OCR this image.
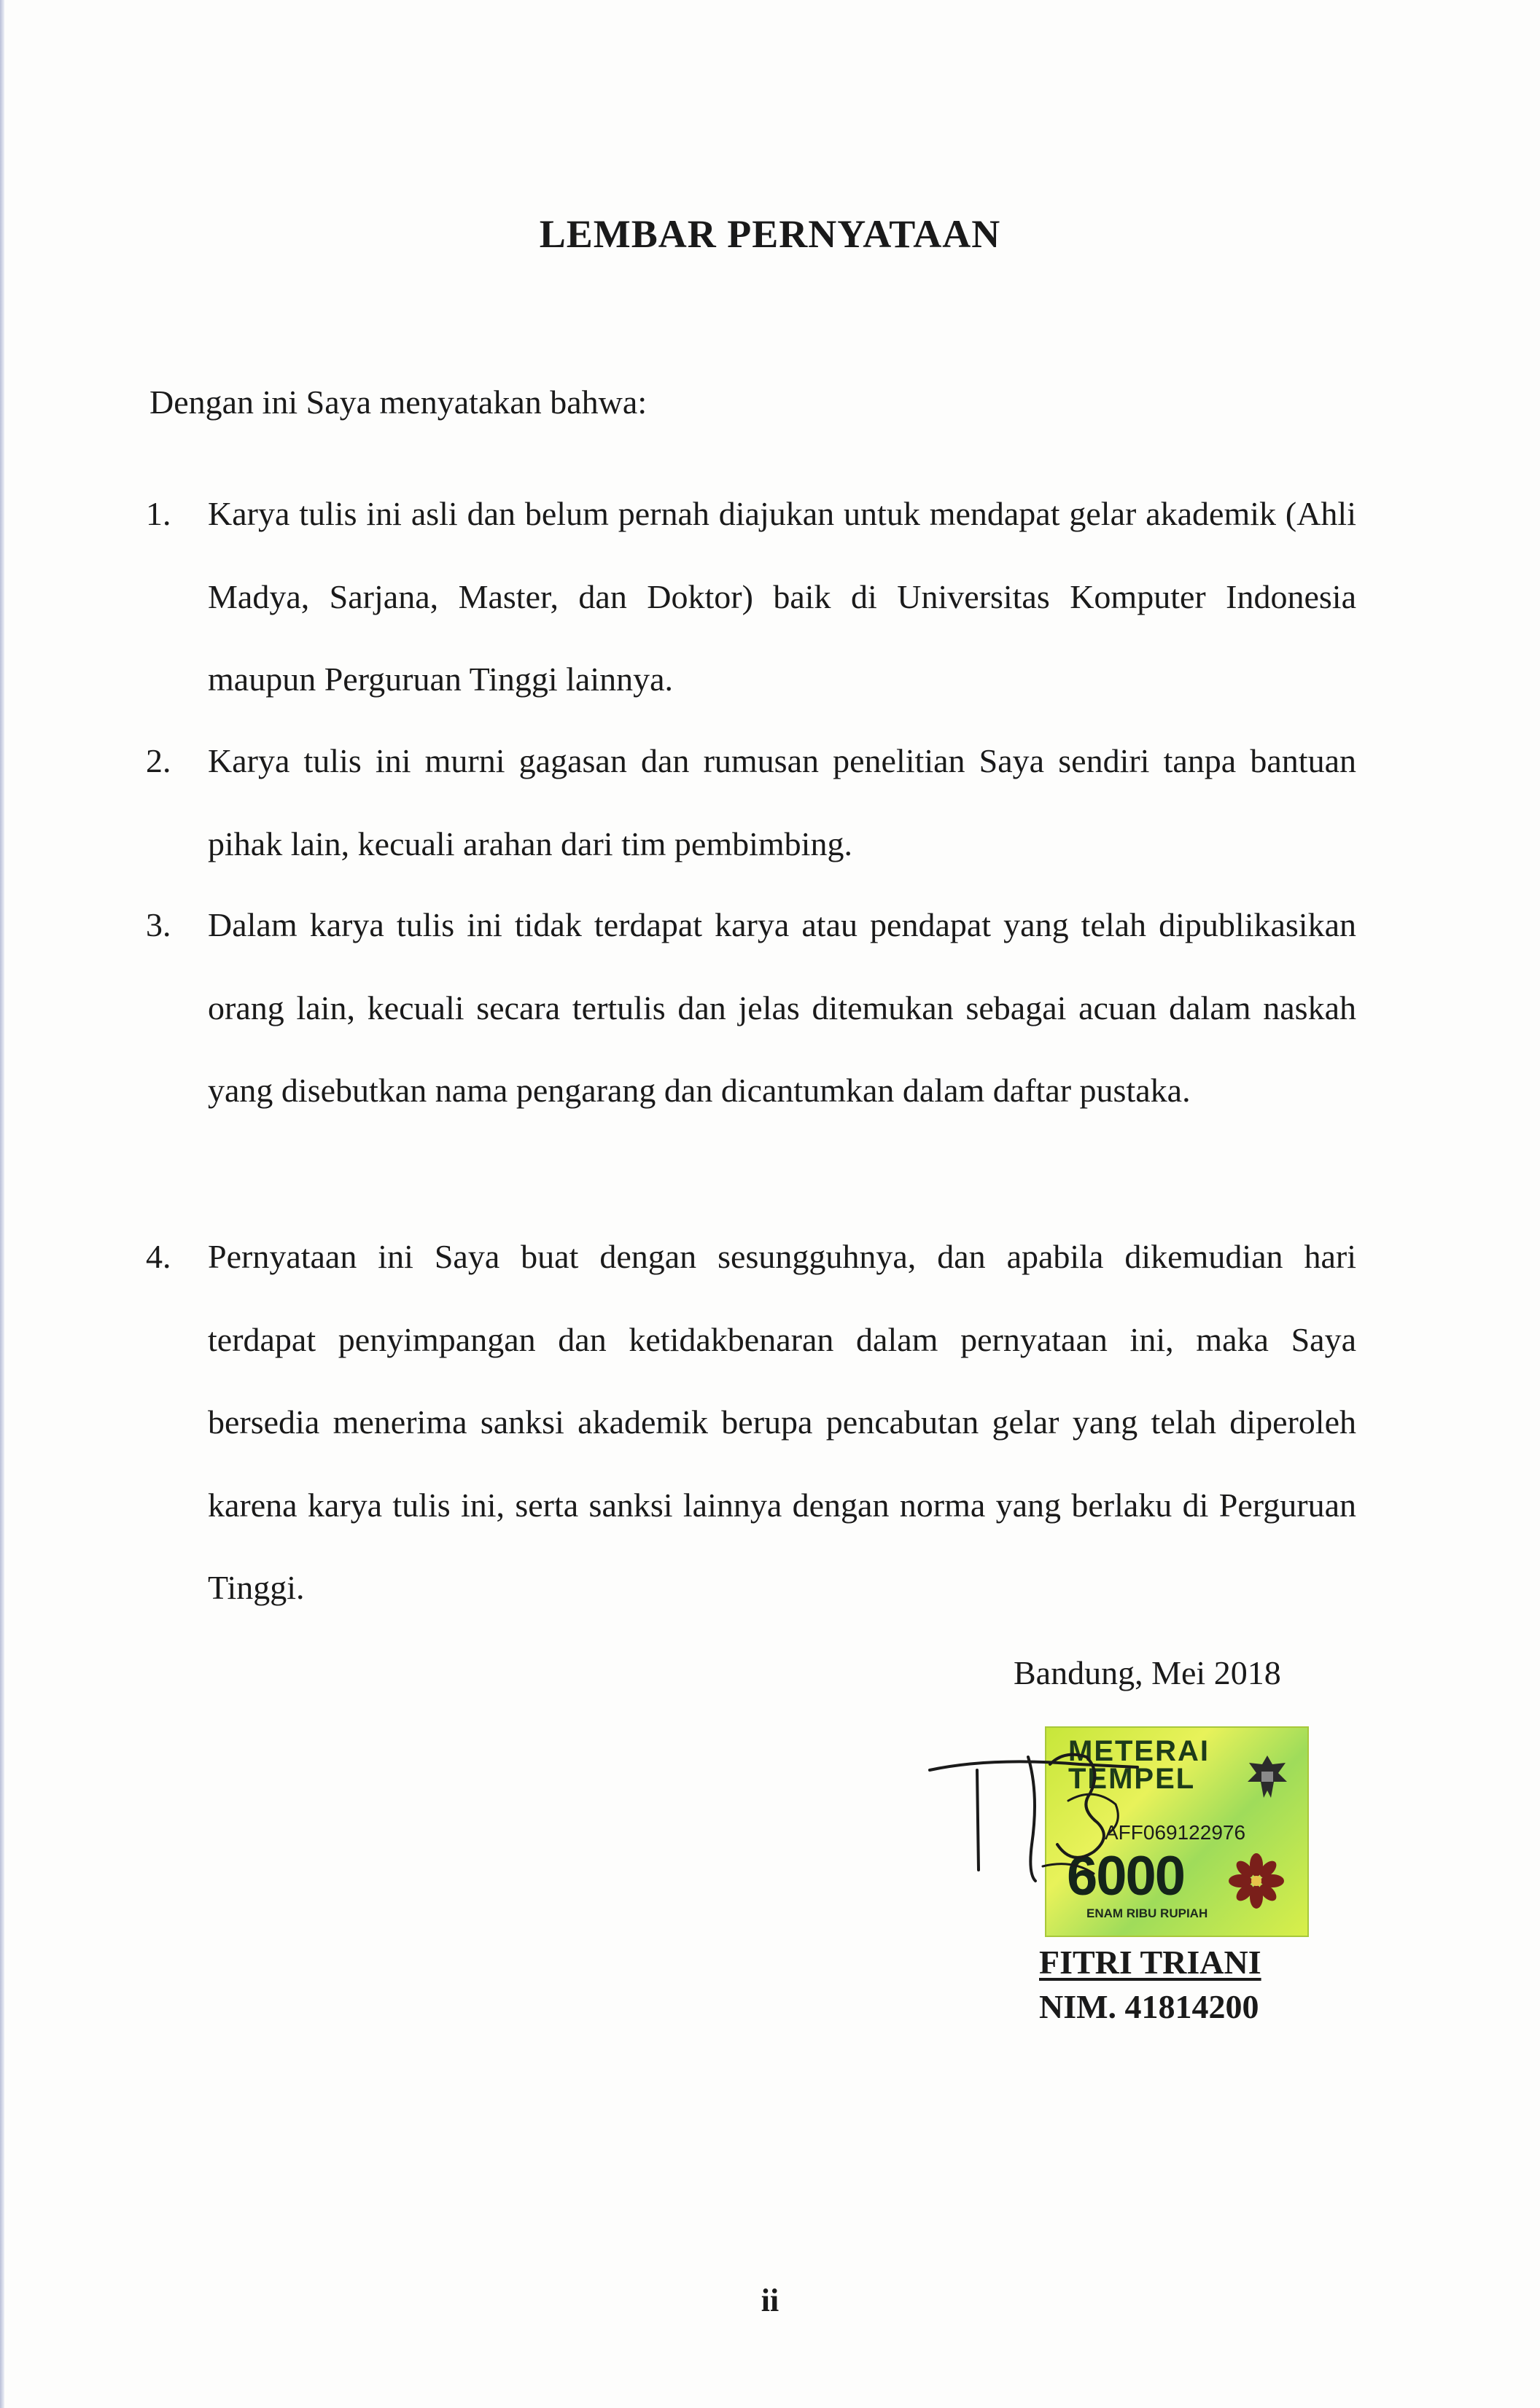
LEMBAR PERNYATAAN
Dengan ini Saya menyatakan bahwa:
1. Karya tulis ini asli dan belum pernah diajukan untuk mendapat gelar akademik (Ahli Madya, Sarjana, Master, dan Doktor) baik di Universitas Komputer Indonesia maupun Perguruan Tinggi lainnya.
2. Karya tulis ini murni gagasan dan rumusan penelitian Saya sendiri tanpa bantuan pihak lain, kecuali arahan dari tim pembimbing.
3. Dalam karya tulis ini tidak terdapat karya atau pendapat yang telah dipublikasikan orang lain, kecuali secara tertulis dan jelas ditemukan sebagai acuan dalam naskah yang disebutkan nama pengarang dan dicantumkan dalam daftar pustaka.
4. Pernyataan ini Saya buat dengan sesungguhnya, dan apabila dikemudian hari terdapat penyimpangan dan ketidakbenaran dalam pernyataan ini, maka Saya bersedia menerima sanksi akademik berupa pencabutan gelar yang telah diperoleh karena karya tulis ini, serta sanksi lainnya dengan norma yang berlaku di Perguruan Tinggi.
Bandung, Mei 2018
METERAI
TEMPEL
AFF069122976
6000
ENAM RIBU RUPIAH
FITRI TRIANI
NIM. 41814200
ii
